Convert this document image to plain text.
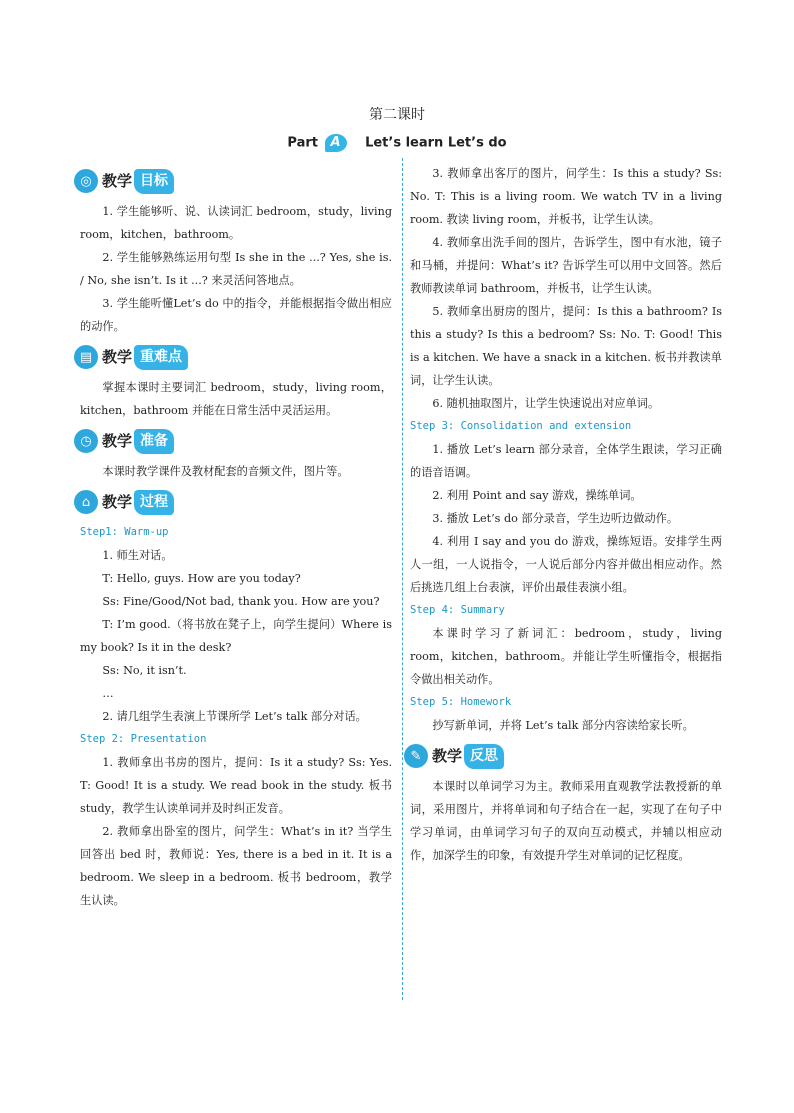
第二课时
Part A Let’s learn Let’s do
◎ 教学 目标

1. 学生能够听、说、认读词汇 bedroom，study，living room，kitchen，bathroom。

2. 学生能够熟练运用句型 Is she in the ...? Yes, she is. / No, she isn’t. Is it ...? 来灵活问答地点。

3. 学生能听懂Let’s do 中的指令，并能根据指令做出相应的动作。

▤ 教学 重难点

掌握本课时主要词汇 bedroom，study，living room，kitchen，bathroom 并能在日常生活中灵活运用。

◷ 教学 准备

本课时教学课件及教材配套的音频文件，图片等。

⌂ 教学 过程

Step1: Warm-up

1. 师生对话。

T: Hello, guys. How are you today?

Ss: Fine/Good/Not bad, thank you. How are you?

T: I’m good.（将书放在凳子上，向学生提问）Where is my book? Is it in the desk?

Ss: No, it isn’t.

…

2. 请几组学生表演上节课所学 Let’s talk 部分对话。

Step 2: Presentation

1. 教师拿出书房的图片，提问：Is it a study? Ss: Yes. T: Good! It is a study. We read book in the study. 板书 study，教学生认读单词并及时纠正发音。

2. 教师拿出卧室的图片，问学生：What’s in it? 当学生回答出 bed 时，教师说：Yes, there is a bed in it. It is a bedroom. We sleep in a bedroom. 板书 bedroom，教学生认读。

3. 教师拿出客厅的图片，问学生：Is this a study? Ss: No. T: This is a living room. We watch TV in a living room. 教读 living room，并板书，让学生认读。

4. 教师拿出洗手间的图片，告诉学生，图中有水池，镜子和马桶，并提问：What’s it? 告诉学生可以用中文回答。然后教师教读单词 bathroom，并板书，让学生认读。

5. 教师拿出厨房的图片，提问：Is this a bathroom? Is this a study? Is this a bedroom? Ss: No. T: Good! This is a kitchen. We have a snack in a kitchen. 板书并教读单词，让学生认读。

6. 随机抽取图片，让学生快速说出对应单词。

Step 3: Consolidation and extension

1. 播放 Let’s learn 部分录音，全体学生跟读，学习正确的语音语调。

2. 利用 Point and say 游戏，操练单词。

3. 播放 Let’s do 部分录音，学生边听边做动作。

4. 利用 I say and you do 游戏，操练短语。安排学生两人一组，一人说指令，一人说后部分内容并做出相应动作。然后挑选几组上台表演，评价出最佳表演小组。

Step 4: Summary

本课时学习了新词汇：bedroom，study，living room，kitchen，bathroom。并能让学生听懂指令，根据指令做出相关动作。

Step 5: Homework

抄写新单词，并将 Let’s talk 部分内容读给家长听。

✎ 教学 反思

本课时以单词学习为主。教师采用直观教学法教授新的单词，采用图片，并将单词和句子结合在一起，实现了在句子中学习单词，由单词学习句子的双向互动模式，并辅以相应动作，加深学生的印象，有效提升学生对单词的记忆程度。
